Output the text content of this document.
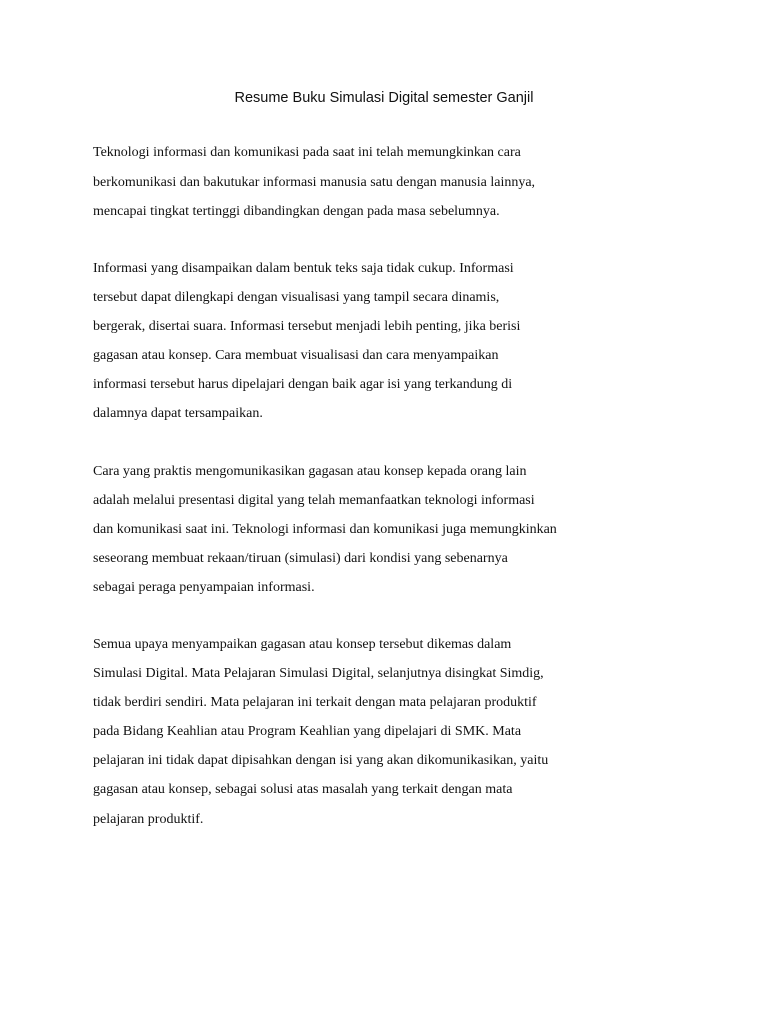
Resume Buku Simulasi Digital semester Ganjil
Teknologi informasi dan komunikasi pada saat ini telah memungkinkan cara
berkomunikasi dan bakutukar informasi manusia satu dengan manusia lainnya,
mencapai tingkat tertinggi dibandingkan dengan pada masa sebelumnya.
Informasi yang disampaikan dalam bentuk teks saja tidak cukup. Informasi
tersebut dapat dilengkapi dengan visualisasi yang tampil secara dinamis,
bergerak, disertai suara. Informasi tersebut menjadi lebih penting, jika berisi
gagasan atau konsep. Cara membuat visualisasi dan cara menyampaikan
informasi tersebut harus dipelajari dengan baik agar isi yang terkandung di
dalamnya dapat tersampaikan.
Cara yang praktis mengomunikasikan gagasan atau konsep kepada orang lain
adalah melalui presentasi digital yang telah memanfaatkan teknologi informasi
dan komunikasi saat ini. Teknologi informasi dan komunikasi juga memungkinkan
seseorang membuat rekaan/tiruan (simulasi) dari kondisi yang sebenarnya
sebagai peraga penyampaian informasi.
Semua upaya menyampaikan gagasan atau konsep tersebut dikemas dalam
Simulasi Digital. Mata Pelajaran Simulasi Digital, selanjutnya disingkat Simdig,
tidak berdiri sendiri. Mata pelajaran ini terkait dengan mata pelajaran produktif
pada Bidang Keahlian atau Program Keahlian yang dipelajari di SMK. Mata
pelajaran ini tidak dapat dipisahkan dengan isi yang akan dikomunikasikan, yaitu
gagasan atau konsep, sebagai solusi atas masalah yang terkait dengan mata
pelajaran produktif.
